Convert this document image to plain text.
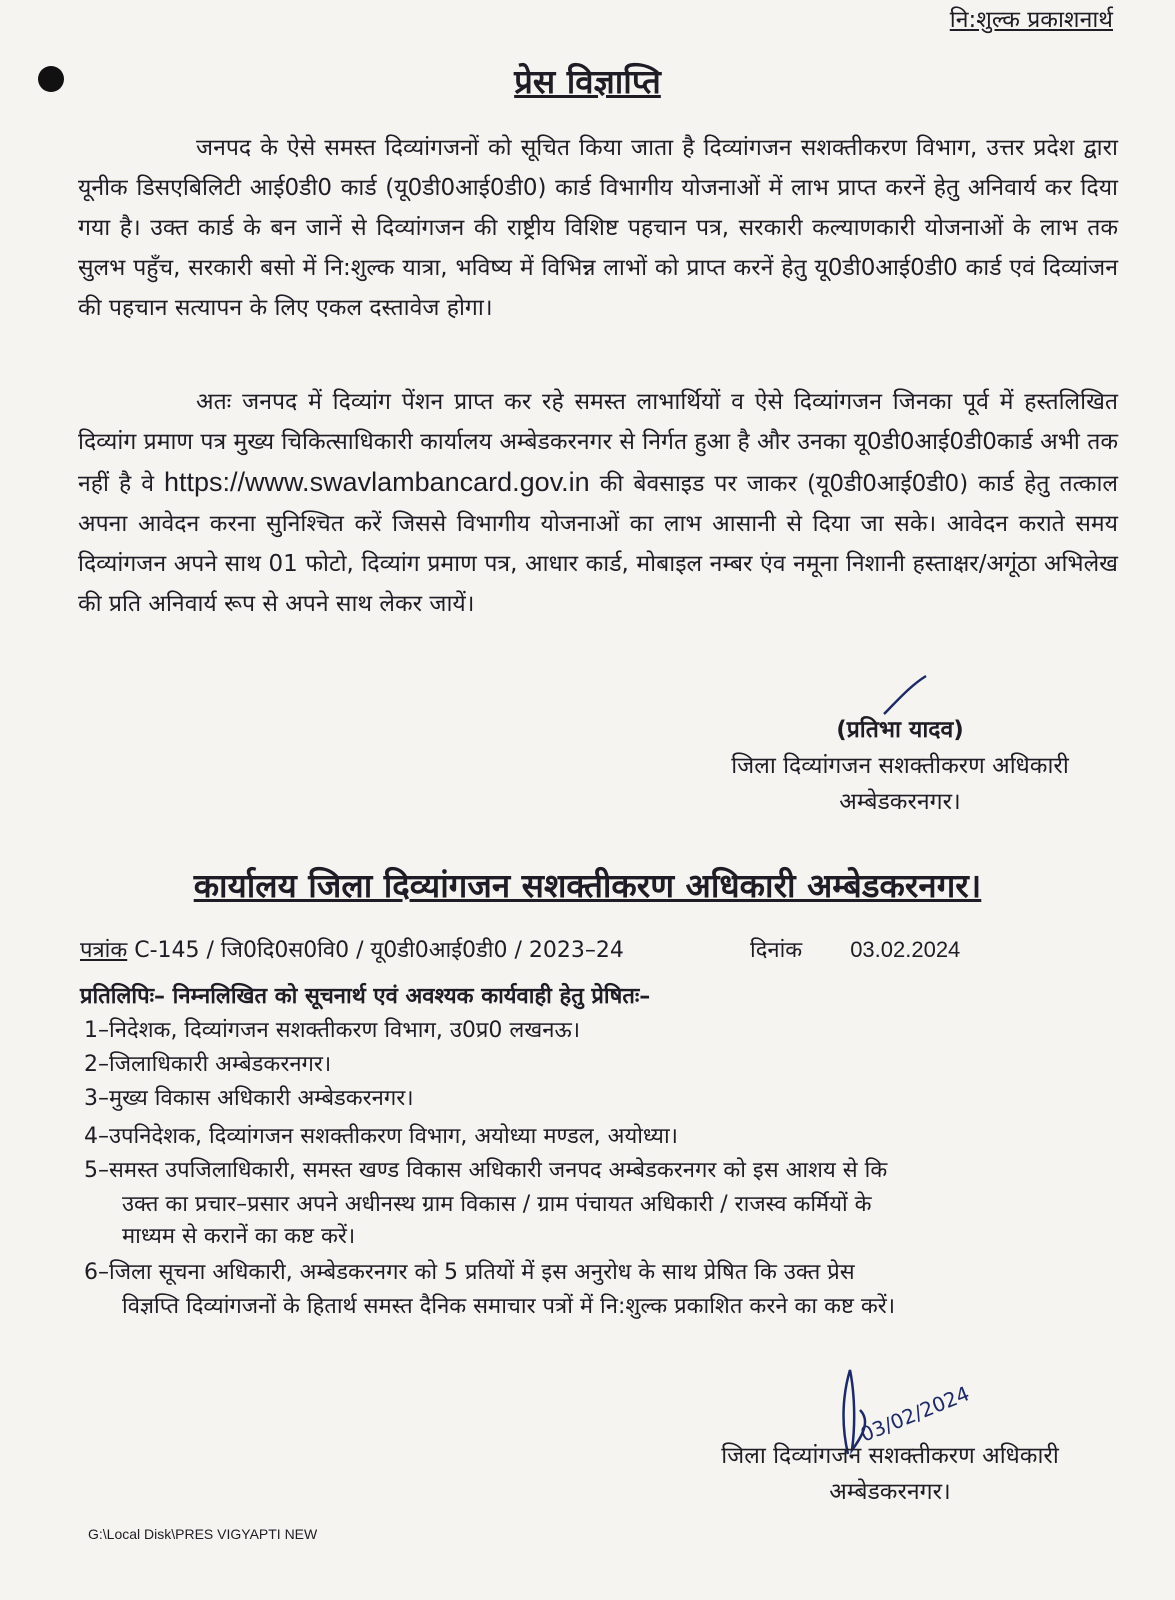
नि:शुल्क प्रकाशनार्थ

प्रेस विज्ञाप्ति

जनपद के ऐसे समस्त दिव्यांगजनों को सूचित किया जाता है दिव्यांगजन सशक्तीकरण विभाग, उत्तर प्रदेश द्वारा यूनीक डिसएबिलिटी आई0डी0 कार्ड (यू0डी0आई0डी0) कार्ड विभागीय योजनाओं में लाभ प्राप्त करनें हेतु अनिवार्य कर दिया गया है। उक्त कार्ड के बन जानें से दिव्यांगजन की राष्ट्रीय विशिष्ट पहचान पत्र, सरकारी कल्याणकारी योजनाओं के लाभ तक सुलभ पहुँच, सरकारी बसो में नि:शुल्क यात्रा, भविष्य में विभिन्न लाभों को प्राप्त करनें हेतु यू0डी0आई0डी0 कार्ड एवं दिव्यांजन की पहचान सत्यापन के लिए एकल दस्तावेज होगा।

अतः जनपद में दिव्यांग पेंशन प्राप्त कर रहे समस्त लाभार्थियों व ऐसे दिव्यांगजन जिनका पूर्व में हस्तलिखित दिव्यांग प्रमाण पत्र मुख्य चिकित्साधिकारी कार्यालय अम्बेडकरनगर से निर्गत हुआ है और उनका यू0डी0आई0डी0कार्ड अभी तक नहीं है वे https://www.swavlambancard.gov.in की बेवसाइड पर जाकर (यू0डी0आई0डी0) कार्ड हेतु तत्काल अपना आवेदन करना सुनिश्चित करें जिससे विभागीय योजनाओं का लाभ आसानी से दिया जा सके। आवेदन कराते समय दिव्यांगजन अपने साथ 01 फोटो, दिव्यांग प्रमाण पत्र, आधार कार्ड, मोबाइल नम्बर एंव नमूना निशानी हस्ताक्षर/अगूंठा अभिलेख की प्रति अनिवार्य रूप से अपने साथ लेकर जायें।

(प्रतिभा यादव)
जिला दिव्यांगजन सशक्तीकरण अधिकारी
अम्बेडकरनगर।
कार्यालय जिला दिव्यांगजन सशक्तीकरण अधिकारी अम्बेडकरनगर।
पत्रांक C-145 / जि0दि0स0वि0 / यू0डी0आई0डी0 / 2023–24	दिनांक 03.02.2024
प्रतिलिपिः– निम्नलिखित को सूचनार्थ एवं अवश्यक कार्यवाही हेतु प्रेषितः–
1–निदेशक, दिव्यांगजन सशक्तीकरण विभाग, उ0प्र0 लखनऊ।
2–जिलाधिकारी अम्बेडकरनगर।
3–मुख्य विकास अधिकारी अम्बेडकरनगर।
4–उपनिदेशक, दिव्यांगजन सशक्तीकरण विभाग, अयोध्या मण्डल, अयोध्या।
5–समस्त उपजिलाधिकारी, समस्त खण्ड विकास अधिकारी जनपद अम्बेडकरनगर को इस आशय से कि
उक्त का प्रचार–प्रसार अपने अधीनस्थ ग्राम विकास / ग्राम पंचायत अधिकारी / राजस्व कर्मियों के
माध्यम से करानें का कष्ट करें।
6–जिला सूचना अधिकारी, अम्बेडकरनगर को 5 प्रतियों में इस अनुरोध के साथ प्रेषित कि उक्त प्रेस
विज्ञप्ति दिव्यांगजनों के हितार्थ समस्त दैनिक समाचार पत्रों में नि:शुल्क प्रकाशित करने का कष्ट करें।
03/02/2024
जिला दिव्यांगजन सशक्तीकरण अधिकारी
अम्बेडकरनगर।
G:\Local Disk\PRES VIGYAPTI NEW
